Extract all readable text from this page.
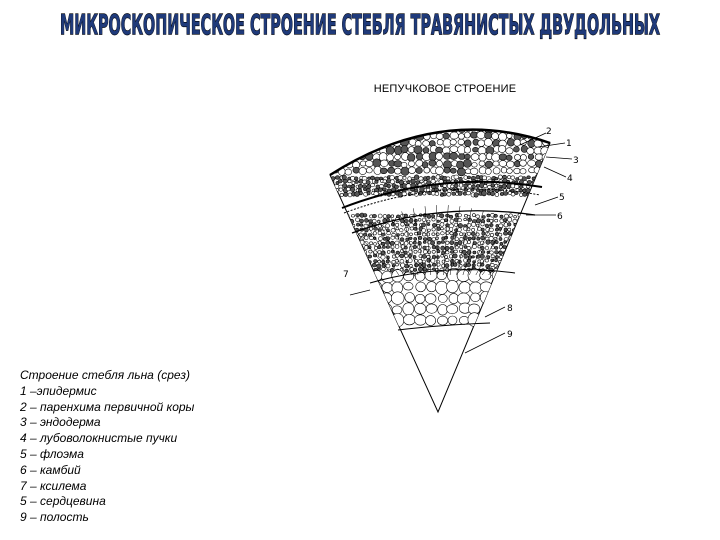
МИКРОСКОПИЧЕСКОЕ СТРОЕНИЕ СТЕБЛЯ ТРАВЯНИСТЫХ ДВУДОЛЬНЫХ
НЕПУЧКОВОЕ СТРОЕНИЕ
2
1
3
4
5
6
7
8
9
Строение стебля льна (срез)
1 –эпидермис
2 – паренхима первичной коры
3 – эндодерма
4 – лубоволокнистые пучки
5 – флоэма
6 – камбий
7 – ксилема
5 – сердцевина
9 – полость
